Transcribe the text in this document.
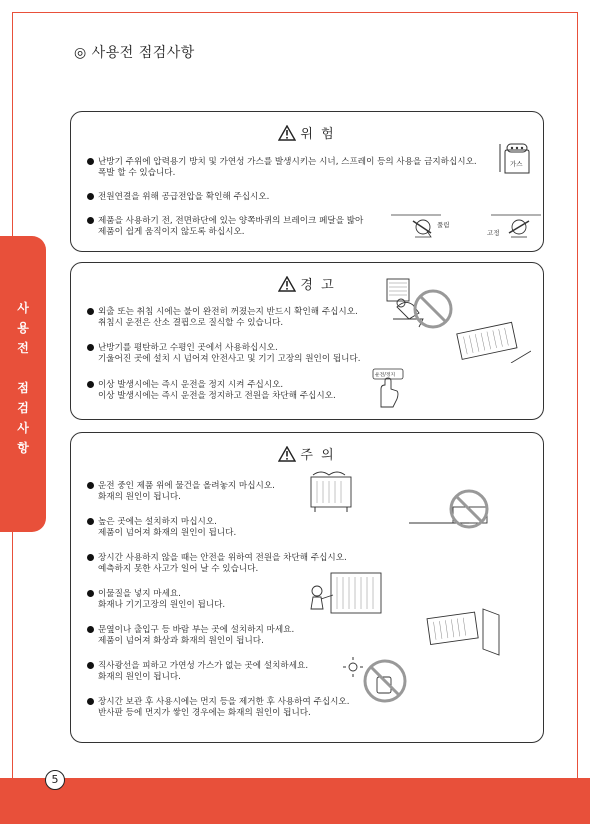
◎ 사용전 점검사항
사
용
전
점
검
사
항
위 험
난방기 주위에 압력용기 방치 및 가연성 가스를 발생시키는 시너, 스프레이 등의 사용을 금지하십시오.
폭발 할 수 있습니다.
전원연결을 위해 공급전압을 확인해 주십시오.
제품을 사용하기 전, 전면하단에 있는 양쪽바퀴의 브레이크 페달을 밟아
제품이 쉽게 움직이지 않도록 하십시오.
가스
풀림
고정
경 고
외출 또는 취침 시에는 불이 완전히 꺼졌는지 반드시 확인해 주십시오.
취침시 운전은 산소 결핍으로 질식할 수 있습니다.
난방기를 평탄하고 수평인 곳에서 사용하십시오.
기울어진 곳에 설치 시 넘어져 안전사고 및 기기 고장의 원인이 됩니다.
이상 발생시에는 즉시 운전을 정지 시켜 주십시오.
이상 발생시에는 즉시 운전을 정지하고 전원을 차단해 주십시오.
운전/정지
주 의
운전 중인 제품 위에 물건을 올려놓지 마십시오.
화재의 원인이 됩니다.
높은 곳에는 설치하지 마십시오.
제품이 넘어져 화재의 원인이 됩니다.
장시간 사용하지 않을 때는 안전을 위하여 전원을 차단해 주십시오.
예측하지 못한 사고가 일어 날 수 있습니다.
이물질을 넣지 마세요.
화재나 기기고장의 원인이 됩니다.
문옆이나 출입구 등 바람 부는 곳에 설치하지 마세요.
제품이 넘어져 화상과 화재의 원인이 됩니다.
직사광선을 피하고 가연성 가스가 없는 곳에 설치하세요.
화재의 원인이 됩니다.
장시간 보관 후 사용시에는 먼지 등을 제거한 후 사용하여 주십시오.
반사판 등에 먼지가 쌓인 경우에는 화재의 원인이 됩니다.
5
